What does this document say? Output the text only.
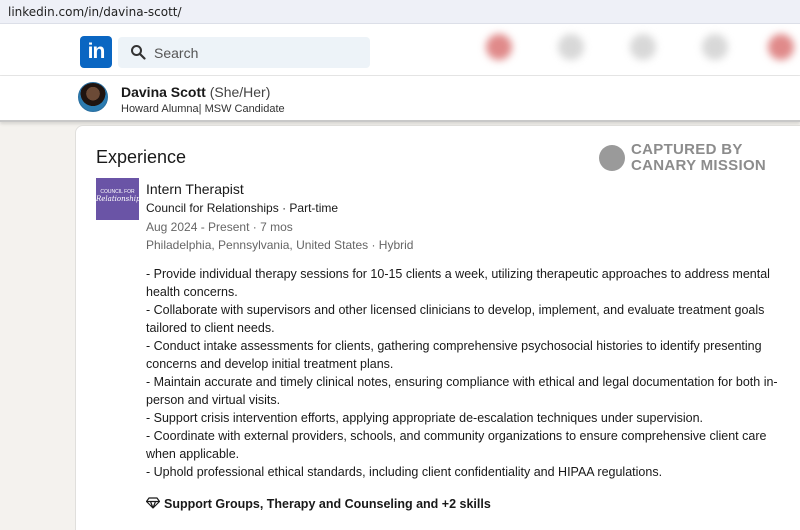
linkedin.com/in/davina-scott/
in	Search
Davina Scott (She/Her)
Howard Alumna| MSW Candidate
Experience	CAPTURED BY
CANARY MISSION
COUNCIL FOR
Relationships
Intern Therapist
Council for Relationships · Part-time
Aug 2024 - Present · 7 mos
Philadelphia, Pennsylvania, United States · Hybrid

- Provide individual therapy sessions for 10-15 clients a week, utilizing therapeutic approaches to address mental health concerns.

- Collaborate with supervisors and other licensed clinicians to develop, implement, and evaluate treatment goals tailored to client needs.

- Conduct intake assessments for clients, gathering comprehensive psychosocial histories to identify presenting concerns and develop initial treatment plans.

- Maintain accurate and timely clinical notes, ensuring compliance with ethical and legal documentation for both in-person and virtual visits.

- Support crisis intervention efforts, applying appropriate de-escalation techniques under supervision.

- Coordinate with external providers, schools, and community organizations to ensure comprehensive client care when applicable.

- Uphold professional ethical standards, including client confidentiality and HIPAA regulations.

Support Groups, Therapy and Counseling and +2 skills
